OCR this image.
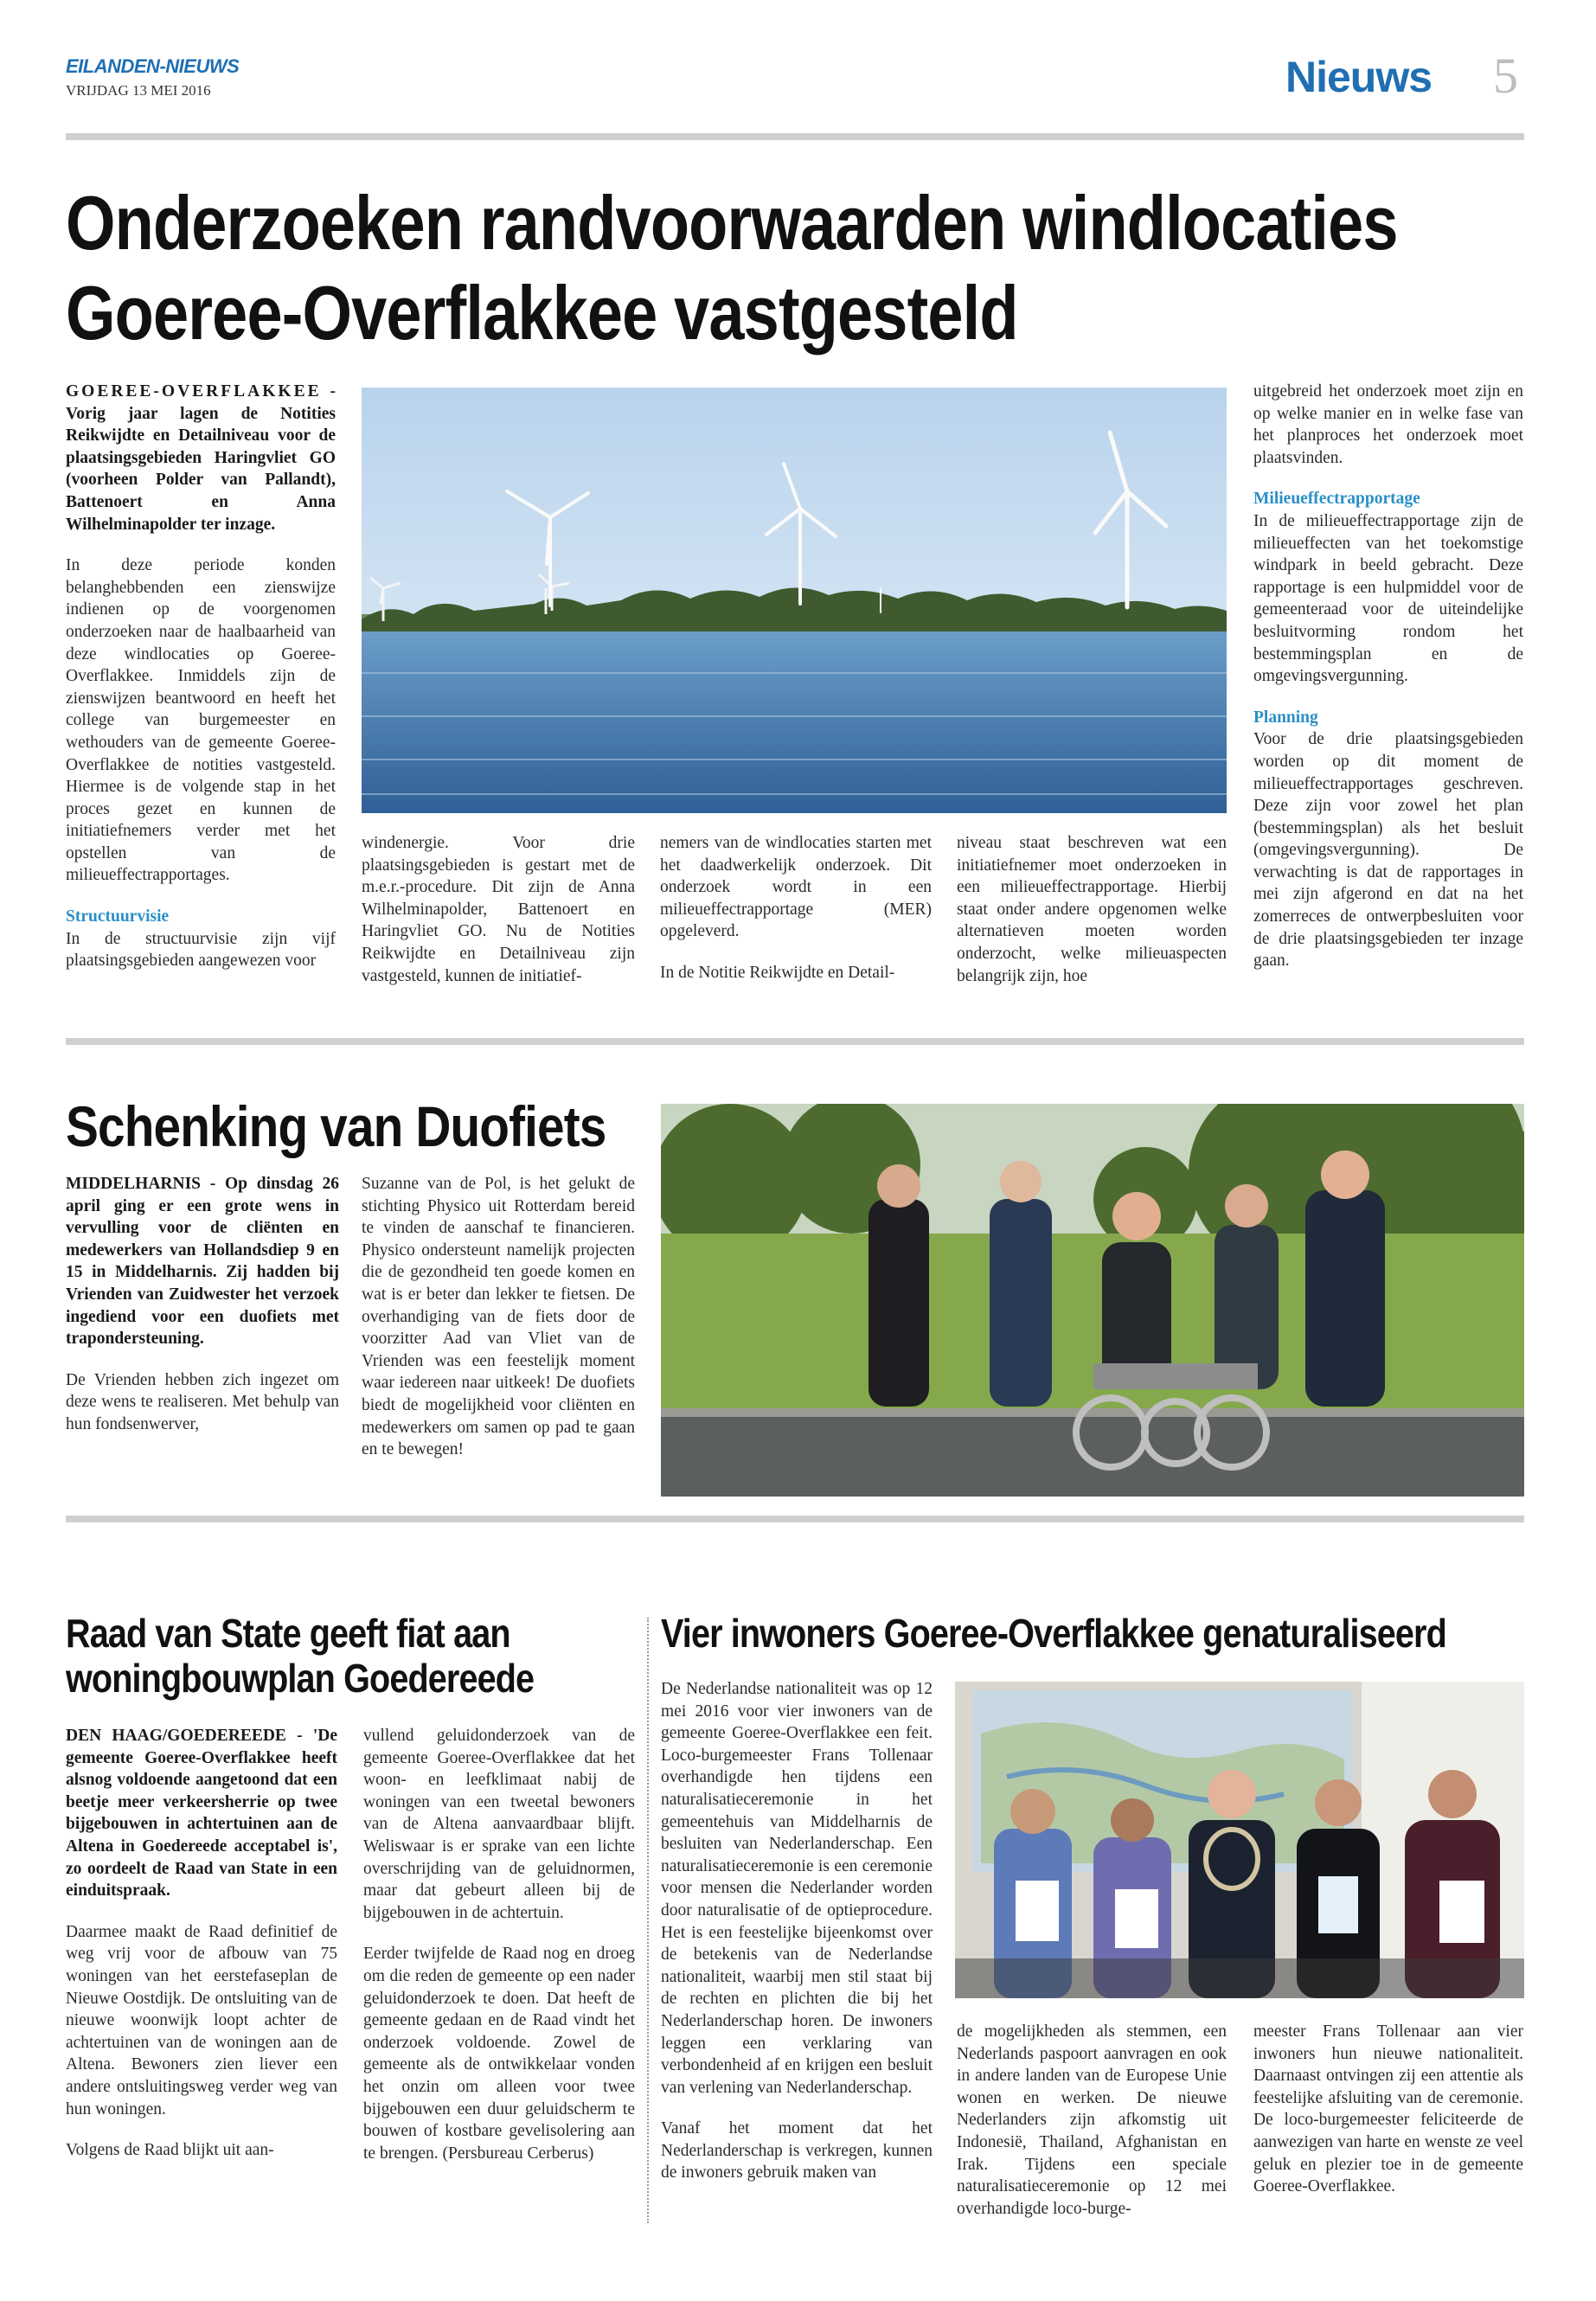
EILANDEN-NIEUWS
VRIJDAG 13 MEI 2016	Nieuws 5
Onderzoeken randvoorwaarden windlocaties
Goeree-Overflakkee vastgesteld

GOEREE-OVERFLAKKEE - Vorig jaar lagen de Notities Reikwijdte en Detailniveau voor de plaatsingsgebieden Haringvliet GO (voorheen Polder van Pallandt), Battenoert en Anna Wilhelminapolder ter inzage.

In deze periode konden belanghebbenden een zienswijze indienen op de voorgenomen onderzoeken naar de haalbaarheid van deze windlocaties op Goeree-Overflakkee. Inmiddels zijn de zienswijzen beantwoord en heeft het college van burgemeester en wethouders van de gemeente Goeree-Overflakkee de notities vastgesteld. Hiermee is de volgende stap in het proces gezet en kunnen de initiatiefnemers verder met het opstellen van de milieueffectrapportages.

Structuurvisie

In de structuurvisie zijn vijf plaatsingsgebieden aangewezen voor

windenergie. Voor drie plaatsingsgebieden is gestart met de m.e.r.-procedure. Dit zijn de Anna Wilhelminapolder, Battenoert en Haringvliet GO. Nu de Notities Reikwijdte en Detailniveau zijn vastgesteld, kunnen de initiatief-

nemers van de windlocaties starten met het daadwerkelijk onderzoek. Dit onderzoek wordt in een milieueffectrapportage (MER) opgeleverd.

In de Notitie Reikwijdte en Detail-

niveau staat beschreven wat een initiatiefnemer moet onderzoeken in een milieueffectrapportage. Hierbij staat onder andere opgenomen welke alternatieven moeten worden onderzocht, welke milieuaspecten belangrijk zijn, hoe

uitgebreid het onderzoek moet zijn en op welke manier en in welke fase van het planproces het onderzoek moet plaatsvinden.

Milieueffectrapportage

In de milieueffectrapportage zijn de milieueffecten van het toekomstige windpark in beeld gebracht. Deze rapportage is een hulpmiddel voor de gemeenteraad voor de uiteindelijke besluitvorming rondom het bestemmingsplan en de omgevingsvergunning.

Planning

Voor de drie plaatsingsgebieden worden op dit moment de milieueffectrapportages geschreven. Deze zijn voor zowel het plan (bestemmingsplan) als het besluit (omgevingsvergunning). De verwachting is dat de rapportages in mei zijn afgerond en dat na het zomerreces de ontwerpbesluiten voor de drie plaatsingsgebieden ter inzage gaan.

Schenking van Duofiets

MIDDELHARNIS - Op dinsdag 26 april ging er een grote wens in vervulling voor de cliënten en medewerkers van Hollandsdiep 9 en 15 in Middelharnis. Zij hadden bij Vrienden van Zuidwester het verzoek ingediend voor een duofiets met trapondersteuning.

De Vrienden hebben zich ingezet om deze wens te realiseren. Met behulp van hun fondsenwerver,

Suzanne van de Pol, is het gelukt de stichting Physico uit Rotterdam bereid te vinden de aanschaf te financieren. Physico ondersteunt namelijk projecten die de gezondheid ten goede komen en wat is er beter dan lekker te fietsen. De overhandiging van de fiets door de voorzitter Aad van Vliet van de Vrienden was een feestelijk moment waar iedereen naar uitkeek! De duofiets biedt de mogelijkheid voor cliënten en medewerkers om samen op pad te gaan en te bewegen!

Raad van State geeft fiat aan
woningbouwplan Goedereede

DEN HAAG/GOEDEREEDE - 'De gemeente Goeree-Overflakkee heeft alsnog voldoende aangetoond dat een beetje meer verkeersherrie op twee bijgebouwen in achtertuinen aan de Altena in Goedereede acceptabel is', zo oordeelt de Raad van State in een einduitspraak.

Daarmee maakt de Raad definitief de weg vrij voor de afbouw van 75 woningen van het eerstefaseplan de Nieuwe Oostdijk. De ontsluiting van de nieuwe woonwijk loopt achter de achtertuinen van de woningen aan de Altena. Bewoners zien liever een andere ontsluitingsweg verder weg van hun woningen.

Volgens de Raad blijkt uit aan-

vullend geluidonderzoek van de gemeente Goeree-Overflakkee dat het woon- en leefklimaat nabij de woningen van een tweetal bewoners van de Altena aanvaardbaar blijft. Weliswaar is er sprake van een lichte overschrijding van de geluidnormen, maar dat gebeurt alleen bij de bijgebouwen in de achtertuin.

Eerder twijfelde de Raad nog en droeg om die reden de gemeente op een nader geluidonderzoek te doen. Dat heeft de gemeente gedaan en de Raad vindt het onderzoek voldoende. Zowel de gemeente als de ontwikkelaar vonden het onzin om alleen voor twee bijgebouwen een duur geluidscherm te bouwen of kostbare gevelisolering aan te brengen. (Persbureau Cerberus)

Vier inwoners Goeree-Overflakkee genaturaliseerd

De Nederlandse nationaliteit was op 12 mei 2016 voor vier inwoners van de gemeente Goeree-Overflakkee een feit. Loco-burgemeester Frans Tollenaar overhandigde hen tijdens een naturalisatieceremonie in het gemeentehuis van Middelharnis de besluiten van Nederlanderschap. Een naturalisatieceremonie is een ceremonie voor mensen die Nederlander worden door naturalisatie of de optieprocedure. Het is een feestelijke bijeenkomst over de betekenis van de Nederlandse nationaliteit, waarbij men stil staat bij de rechten en plichten die bij het Nederlanderschap horen. De inwoners leggen een verklaring van verbondenheid af en krijgen een besluit van verlening van Nederlanderschap.

Vanaf het moment dat het Nederlanderschap is verkregen, kunnen de inwoners gebruik maken van

de mogelijkheden als stemmen, een Nederlands paspoort aanvragen en ook in andere landen van de Europese Unie wonen en werken. De nieuwe Nederlanders zijn afkomstig uit Indonesië, Thailand, Afghanistan en Irak. Tijdens een speciale naturalisatieceremonie op 12 mei overhandigde loco-burge-

meester Frans Tollenaar aan vier inwoners hun nieuwe nationaliteit. Daarnaast ontvingen zij een attentie als feestelijke afsluiting van de ceremonie. De loco-burgemeester feliciteerde de aanwezigen van harte en wenste ze veel geluk en plezier toe in de gemeente Goeree-Overflakkee.
